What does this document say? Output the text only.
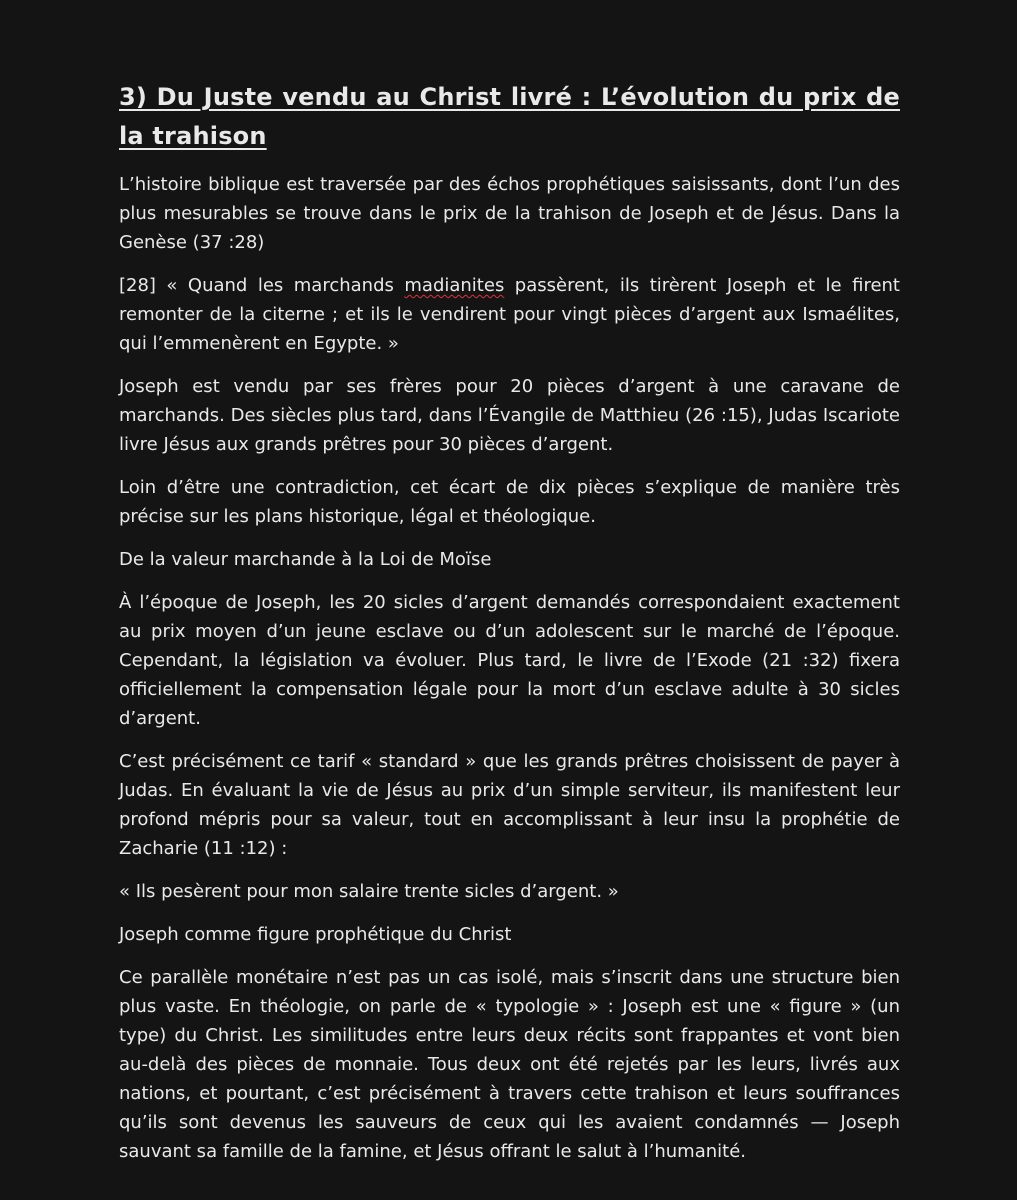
3) Du Juste vendu au Christ livré : L’évolution du prix de la trahison

L’histoire biblique est traversée par des échos prophétiques saisissants, dont l’un des plus mesurables se trouve dans le prix de la trahison de Joseph et de Jésus. Dans la Genèse (37 :28)

[28] « Quand les marchands madianites passèrent, ils tirèrent Joseph et le firent remonter de la citerne ; et ils le vendirent pour vingt pièces d’argent aux Ismaélites, qui l’emmenèrent en Egypte. »

Joseph est vendu par ses frères pour 20 pièces d’argent à une caravane de marchands. Des siècles plus tard, dans l’Évangile de Matthieu (26 :15), Judas Iscariote livre Jésus aux grands prêtres pour 30 pièces d’argent.

Loin d’être une contradiction, cet écart de dix pièces s’explique de manière très précise sur les plans historique, légal et théologique.

De la valeur marchande à la Loi de Moïse

À l’époque de Joseph, les 20 sicles d’argent demandés correspondaient exactement au prix moyen d’un jeune esclave ou d’un adolescent sur le marché de l’époque. Cependant, la législation va évoluer. Plus tard, le livre de l’Exode (21 :32) fixera officiellement la compensation légale pour la mort d’un esclave adulte à 30 sicles d’argent.

C’est précisément ce tarif « standard » que les grands prêtres choisissent de payer à Judas. En évaluant la vie de Jésus au prix d’un simple serviteur, ils manifestent leur profond mépris pour sa valeur, tout en accomplissant à leur insu la prophétie de Zacharie (11 :12) :

« Ils pesèrent pour mon salaire trente sicles d’argent. »

Joseph comme figure prophétique du Christ

Ce parallèle monétaire n’est pas un cas isolé, mais s’inscrit dans une structure bien plus vaste. En théologie, on parle de « typologie » : Joseph est une « figure » (un type) du Christ. Les similitudes entre leurs deux récits sont frappantes et vont bien au-delà des pièces de monnaie. Tous deux ont été rejetés par les leurs, livrés aux nations, et pourtant, c’est précisément à travers cette trahison et leurs souffrances qu’ils sont devenus les sauveurs de ceux qui les avaient condamnés — Joseph sauvant sa famille de la famine, et Jésus offrant le salut à l’humanité.
